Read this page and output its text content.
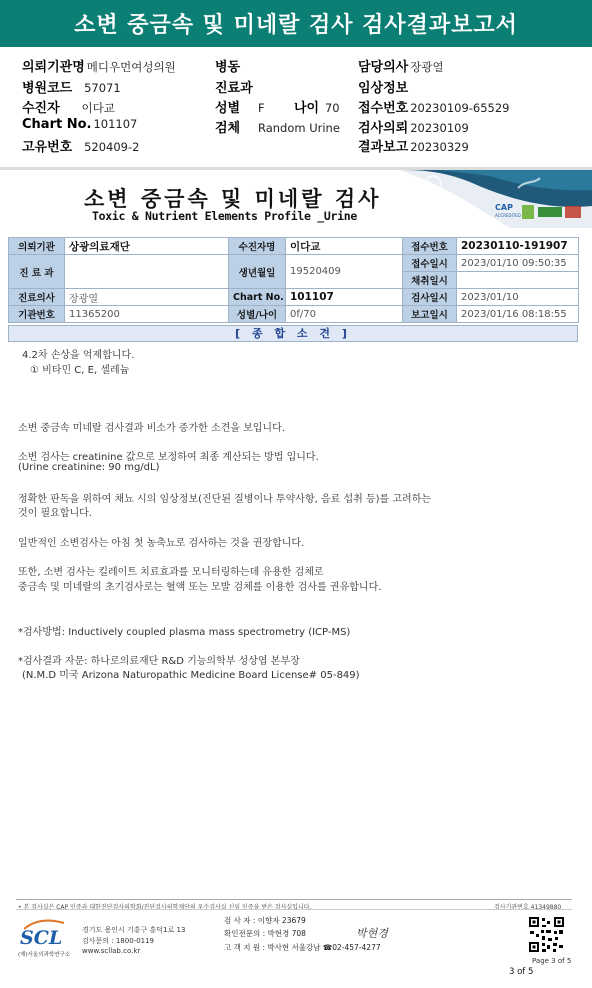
소변 중금속 및 미네랄 검사 검사결과보고서
의뢰기관명 메디우먼여성의원	병동	담당의사 장광열
병원코드 57071	진료과	임상정보
수진자 이다교	성별 F 나이 70 접수번호 20230109-65529
Chart No. 101107	검체 Random Urine 검사의뢰 20230109
고유번호 520409-2	결과보고 20230329
CAP
ACCREDITED
소변 중금속 및 미네랄 검사
Toxic & Nutrient Elements Profile _Urine
의뢰기관	상광의료재단	수진자명	이다교	접수번호	20230110-191907
진 료 과		생년월일	19520409	접수일시	2023/01/10 09:50:35
				채취일시	
진료의사	장광열	Chart No.	101107	검사일시	2023/01/10
기관번호	11365200	성별/나이	0f/70	보고일시	2023/01/16 08:18:55
[ 종 합 소 견 ]
4.2차 손상을 억제합니다.
① 비타민 C, E, 셀레늄
소변 중금속 미네랄 검사결과 비소가 증가한 소견을 보입니다.
소변 검사는 creatinine 값으로 보정하여 최종 계산되는 방법 입니다.
(Urine creatinine: 90 mg/dL)
정확한 판독을 위하여 채뇨 시의 임상정보(진단된 질병이나 투약사항, 음료 섭취 등)를 고려하는
것이 필요합니다.
일반적인 소변검사는 아침 첫 농축뇨로 검사하는 것을 권장합니다.
또한, 소변 검사는 킬레이트 치료효과를 모니터링하는데 유용한 검체로
중금속 및 미네랄의 초기검사로는 혈액 또는 모발 검체를 이용한 검사를 권유합니다.
*검사방법: Inductively coupled plasma mass spectrometry (ICP-MS)
*검사결과 자문: 하나로의료재단 R&D 기능의학부 성상엽 본부장
(N.M.D 미국 Arizona Naturopathic Medicine Board License# 05-849)
• 본 검사실은 CAP 인증과 대한진단검사의학회/진단검사의학재단의 우수검사실 신임 인증을 받은 검사실입니다.	검사기관번호 41349880
SCL
(재)서울의과학연구소
경기도 용인시 기흥구 흥덕1로 13
검사문의 : 1800-0119
www.scllab.co.kr
검 사 자 : 이향자 23679
확인전문의 : 박현경 708
고 객 지 원 : 박사현 서울강남 ☎02-457-4277
박현경
Page 3 of 5
3 of 5
